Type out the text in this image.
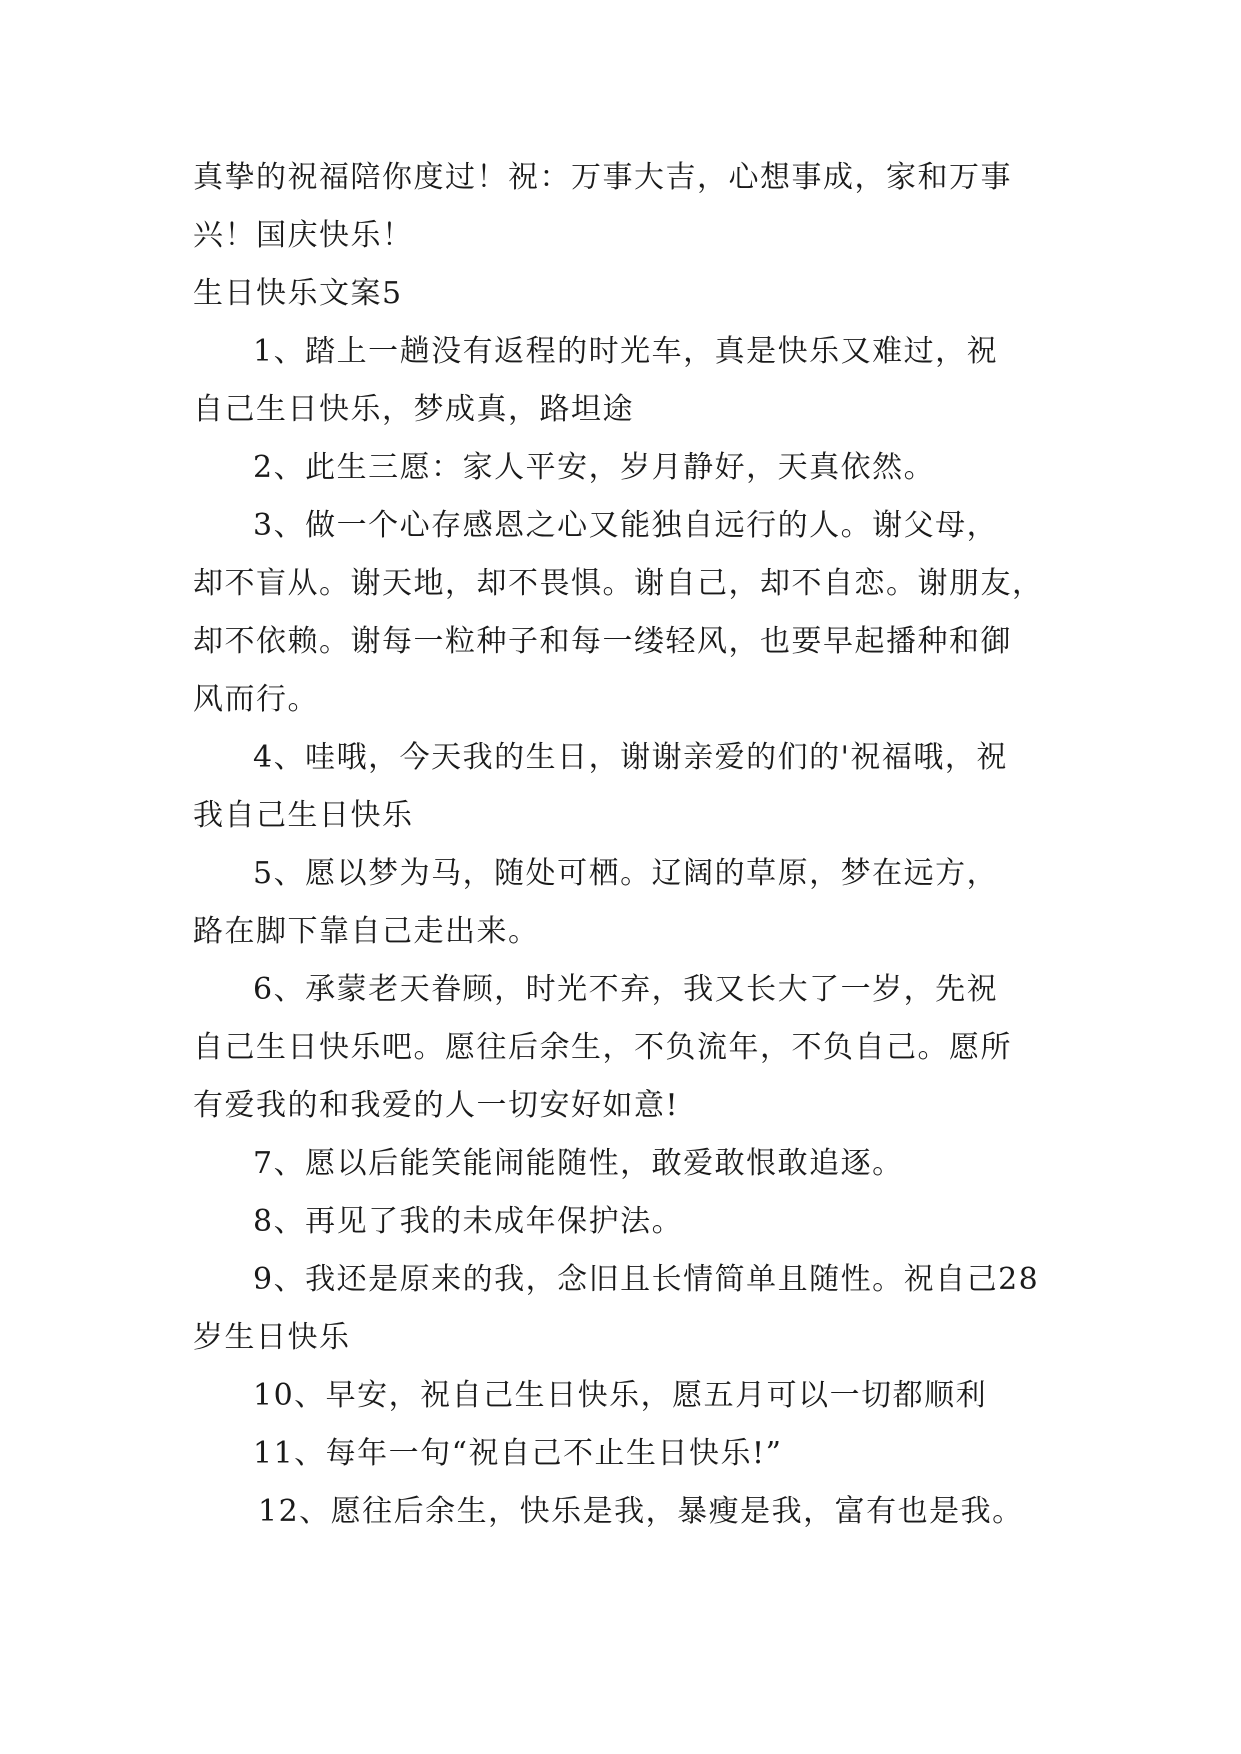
真挚的祝福陪你度过！祝：万事大吉，心想事成，家和万事
兴！国庆快乐！
生日快乐文案5
1、踏上一趟没有返程的时光车，真是快乐又难过，祝
自己生日快乐，梦成真，路坦途
2、此生三愿：家人平安，岁月静好，天真依然。
3、做一个心存感恩之心又能独自远行的人。谢父母，
却不盲从。谢天地，却不畏惧。谢自己，却不自恋。谢朋友，
却不依赖。谢每一粒种子和每一缕轻风，也要早起播种和御
风而行。
4、哇哦，今天我的生日，谢谢亲爱的们的'祝福哦，祝
我自己生日快乐
5、愿以梦为马，随处可栖。辽阔的草原，梦在远方，
路在脚下靠自己走出来。
6、承蒙老天眷顾，时光不弃，我又长大了一岁，先祝
自己生日快乐吧。愿往后余生，不负流年，不负自己。愿所
有爱我的和我爱的人一切安好如意!
7、愿以后能笑能闹能随性，敢爱敢恨敢追逐。
8、再见了我的未成年保护法。
9、我还是原来的我，念旧且长情简单且随性。祝自己28
岁生日快乐
10、早安，祝自己生日快乐，愿五月可以一切都顺利
11、每年一句“祝自己不止生日快乐!”
12、愿往后余生，快乐是我，暴瘦是我，富有也是我。
